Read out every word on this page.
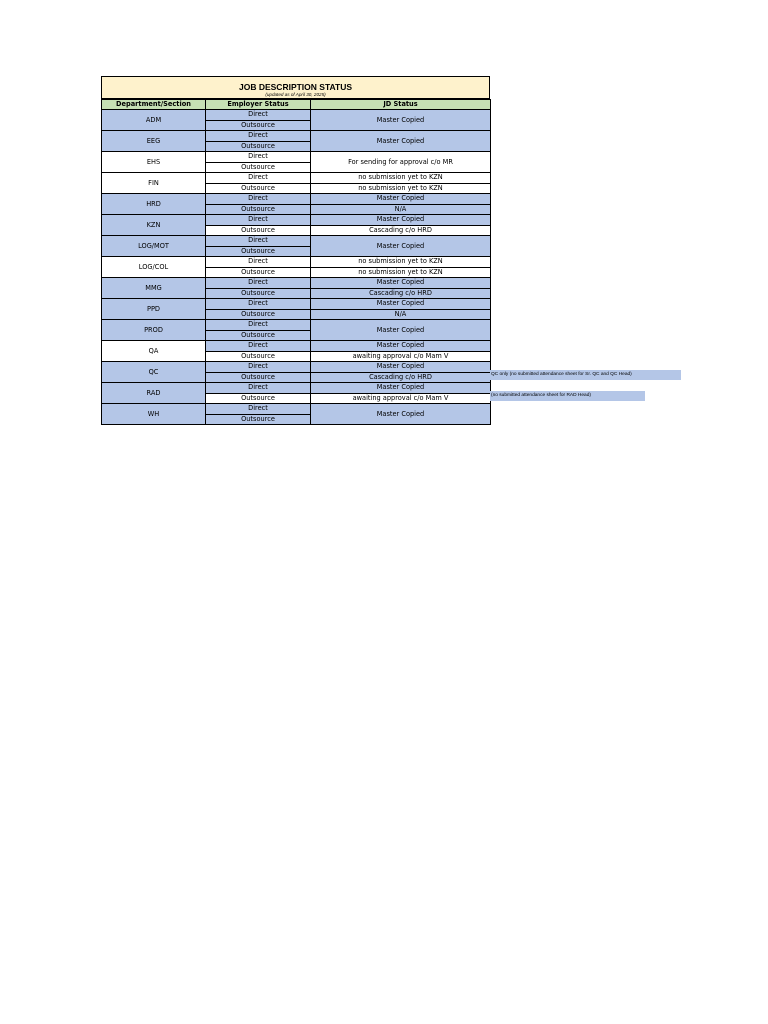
JOB DESCRIPTION STATUS
(updated as of April 30, 2025)
Department/Section	Employer Status	JD Status
ADM	Direct	Master Copied
	Outsource	
EEG	Direct	Master Copied
	Outsource	
EHS	Direct	For sending for approval c/o MR
	Outsource	
FIN	Direct	no submission yet to KZN
	Outsource	no submission yet to KZN
HRD	Direct	Master Copied
	Outsource	N/A
KZN	Direct	Master Copied
	Outsource	Cascading c/o HRD
LOG/MOT	Direct	Master Copied
	Outsource	
LOG/COL	Direct	no submission yet to KZN
	Outsource	no submission yet to KZN
MMG	Direct	Master Copied
	Outsource	Cascading c/o HRD
PPD	Direct	Master Copied
	Outsource	N/A
PROD	Direct	Master Copied
	Outsource	
QA	Direct	Master Copied
	Outsource	awaiting approval c/o Mam V
QC	Direct	Master Copied
	Outsource	Cascading c/o HRD
RAD	Direct	Master Copied
	Outsource	awaiting approval c/o Mam V
WH	Direct	Master Copied
	Outsource	
QC only (no submitted attendance sheet for Sr. QC and QC Head)
(no submitted attendance sheet for RAD Head)
